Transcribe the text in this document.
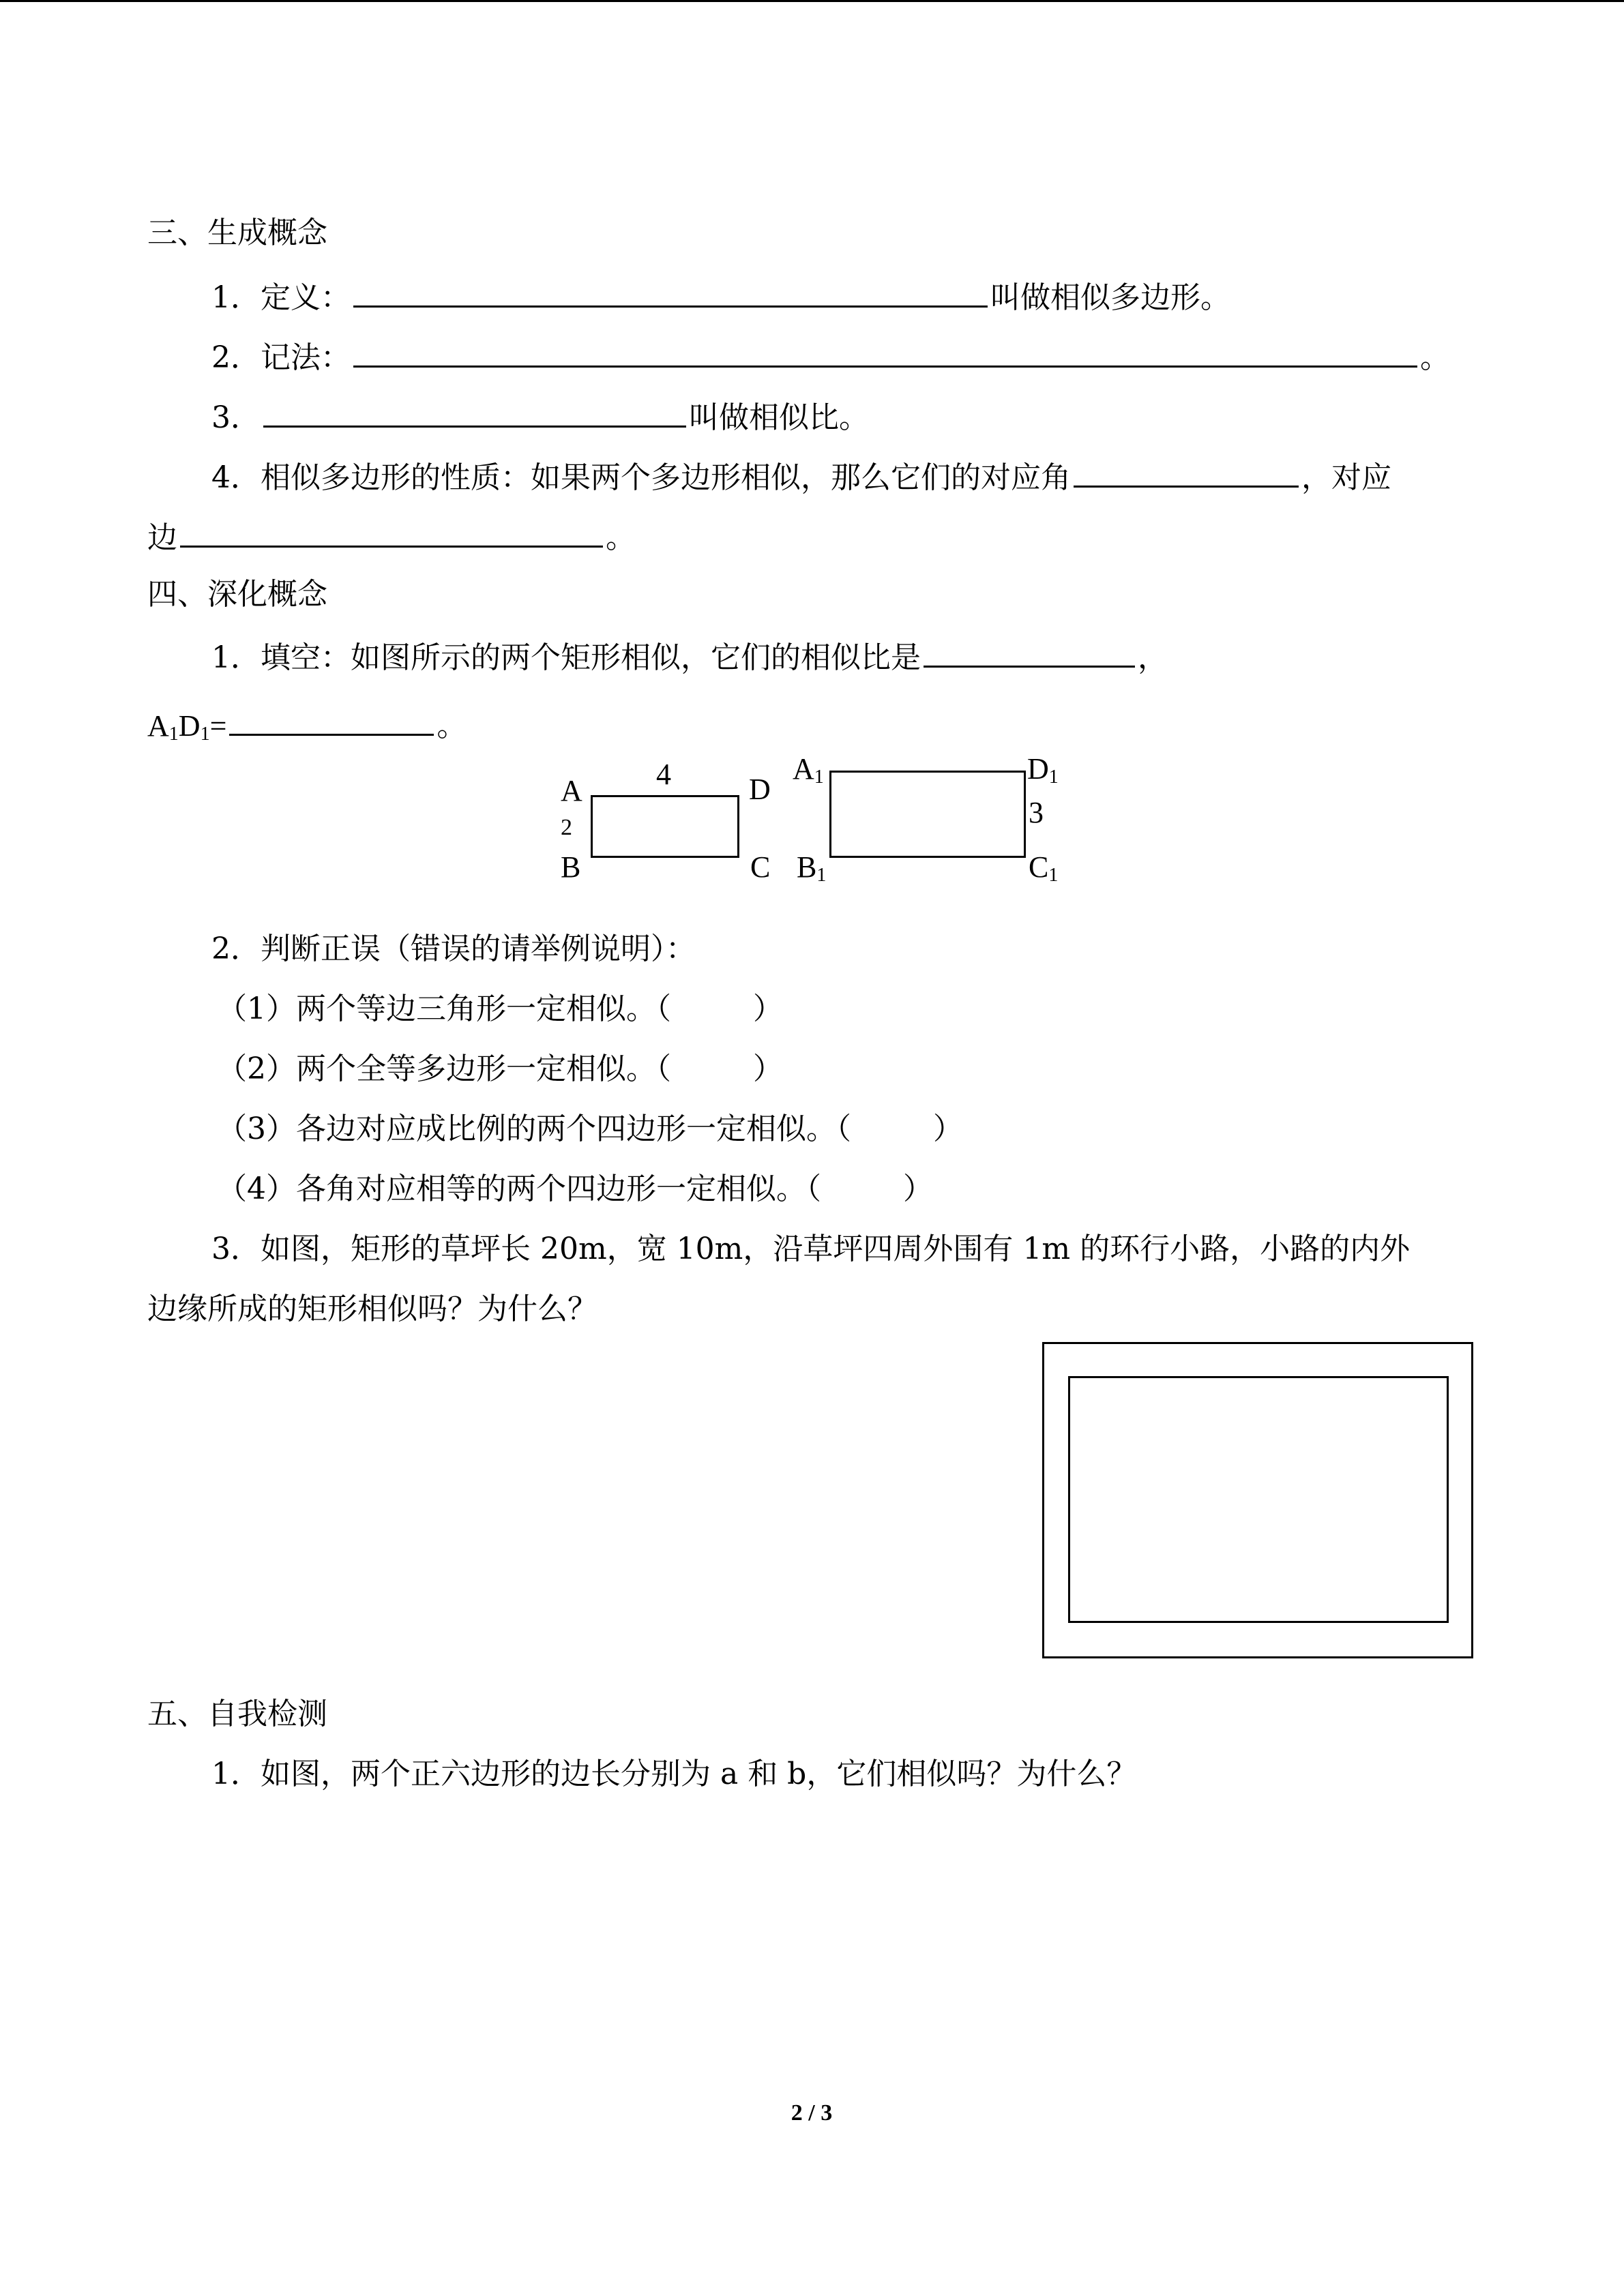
三、生成概念
1．定义：	叫做相似多边形。
2．记法：	。
3．	叫做相似比。
4．相似多边形的性质：如果两个多边形相似，那么它们的对应角	，对应
边	。
四、深化概念
1．填空：如图所示的两个矩形相似，它们的相似比是	，
$A_1D_1=$	。
A 4	D
2
B	C
$A_1$	$D_1$
3
$B_1$	$C_1$
2．判断正误（错误的请举例说明）：
（1）两个等边三角形一定相似。（	）
（2）两个全等多边形一定相似。（	）
（3）各边对应成比例的两个四边形一定相似。（	）
（4）各角对应相等的两个四边形一定相似。（	）
3．如图，矩形的草坪长 20m，宽 10m，沿草坪四周外围有 1m 的环行小路，小路的内外
边缘所成的矩形相似吗？为什么？
五、自我检测
1．如图，两个正六边形的边长分别为 a 和 b，它们相似吗？为什么？
2 / 3
